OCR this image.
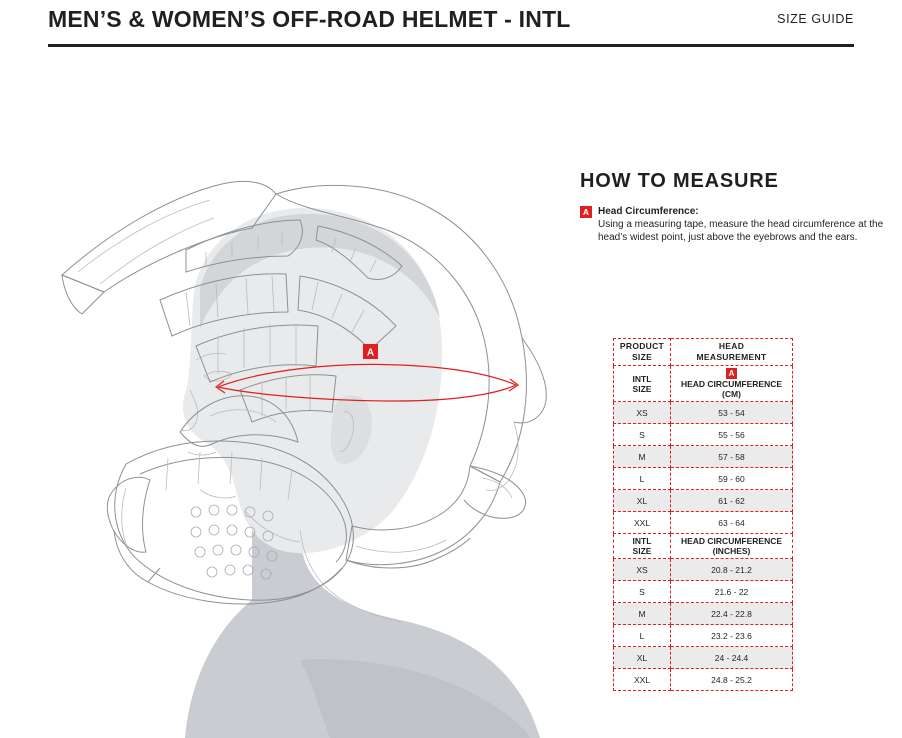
MEN’S & WOMEN’S OFF-ROAD HELMET - INTL	SIZE GUIDE
A
HOW TO MEASURE
A Head Circumference:
Using a measuring tape, measure the head circumference at the head’s widest point, just above the eyebrows and the ears.
PRODUCT
SIZE	HEAD
MEASUREMENT
INTL
SIZE	A
HEAD CIRCUMFERENCE
(CM)
XS	53 - 54
S	55 - 56
M	57 - 58
L	59 - 60
XL	61 - 62
XXL	63 - 64
INTL
SIZE	HEAD CIRCUMFERENCE
(INCHES)
XS	20.8 - 21.2
S	21.6 - 22
M	22.4 - 22.8
L	23.2 - 23.6
XL	24 - 24.4
XXL	24.8 - 25.2
